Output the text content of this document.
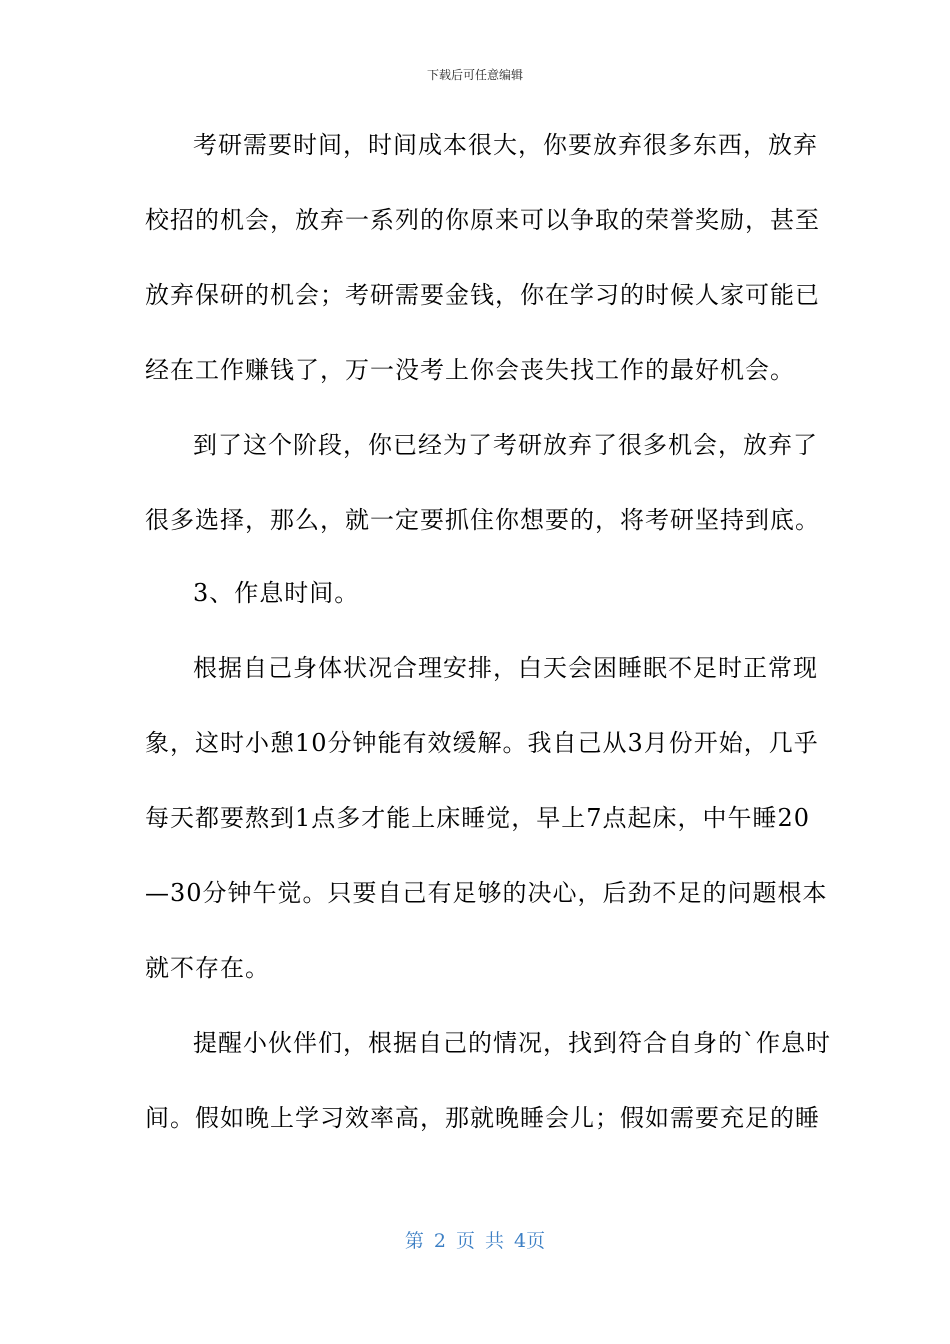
下载后可任意编辑
考研需要时间，时间成本很大，你要放弃很多东西，放弃
校招的机会，放弃一系列的你原来可以争取的荣誉奖励，甚至
放弃保研的机会；考研需要金钱，你在学习的时候人家可能已
经在工作赚钱了，万一没考上你会丧失找工作的最好机会。
到了这个阶段，你已经为了考研放弃了很多机会，放弃了
很多选择，那么，就一定要抓住你想要的，将考研坚持到底。
3、作息时间。
根据自己身体状况合理安排，白天会困睡眠不足时正常现
象，这时小憩10分钟能有效缓解。我自己从3月份开始，几乎
每天都要熬到1点多才能上床睡觉，早上7点起床，中午睡20
—30分钟午觉。只要自己有足够的决心，后劲不足的问题根本
就不存在。
提醒小伙伴们，根据自己的情况，找到符合自身的`作息时
间。假如晚上学习效率高，那就晚睡会儿；假如需要充足的睡
第 2 页 共 4页
